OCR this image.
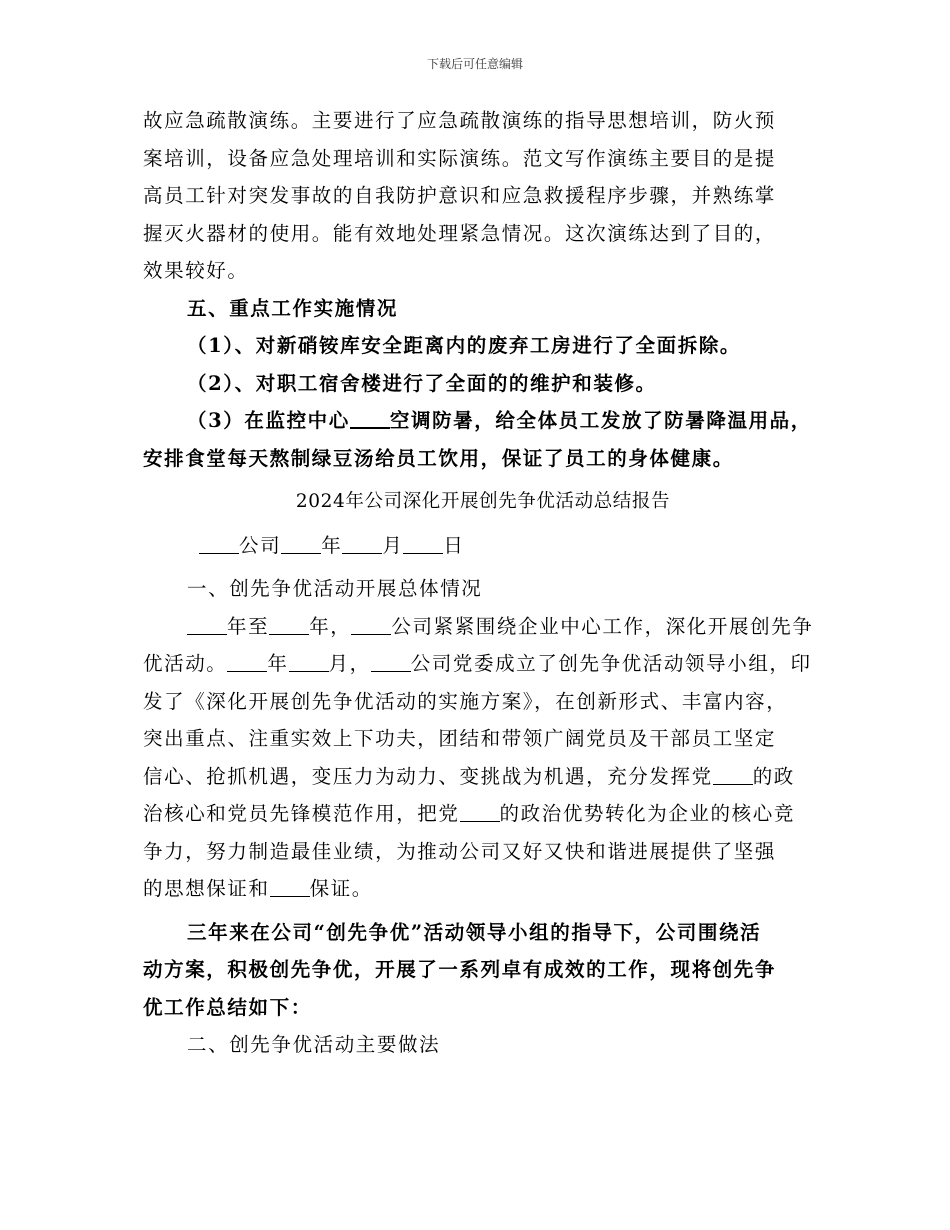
下载后可任意编辑
故应急疏散演练。主要进行了应急疏散演练的指导思想培训，防火预
案培训，设备应急处理培训和实际演练。范文写作演练主要目的是提
高员工针对突发事故的自我防护意识和应急救援程序步骤，并熟练掌
握灭火器材的使用。能有效地处理紧急情况。这次演练达到了目的，
效果较好。
五、重点工作实施情况
（1）、对新硝铵库安全距离内的废弃工房进行了全面拆除。
（2）、对职工宿舍楼进行了全面的的维护和装修。
（3）在监控中心 空调防暑，给全体员工发放了防暑降温用品，
安排食堂每天熬制绿豆汤给员工饮用，保证了员工的身体健康。
2024年公司深化开展创先争优活动总结报告
公司 年 月 日
一、创先争优活动开展总体情况
年至 年， 公司紧紧围绕企业中心工作，深化开展创先争
优活动。 年 月， 公司党委成立了创先争优活动领导小组，印
发了《深化开展创先争优活动的实施方案》，在创新形式、丰富内容，
突出重点、注重实效上下功夫，团结和带领广阔党员及干部员工坚定
信心、抢抓机遇，变压力为动力、变挑战为机遇，充分发挥党 的政
治核心和党员先锋模范作用，把党 的政治优势转化为企业的核心竞
争力，努力制造最佳业绩，为推动公司又好又快和谐进展提供了坚强
的思想保证和 保证。
三年来在公司“创先争优”活动领导小组的指导下，公司围绕活
动方案，积极创先争优，开展了一系列卓有成效的工作，现将创先争
优工作总结如下：
二、创先争优活动主要做法
